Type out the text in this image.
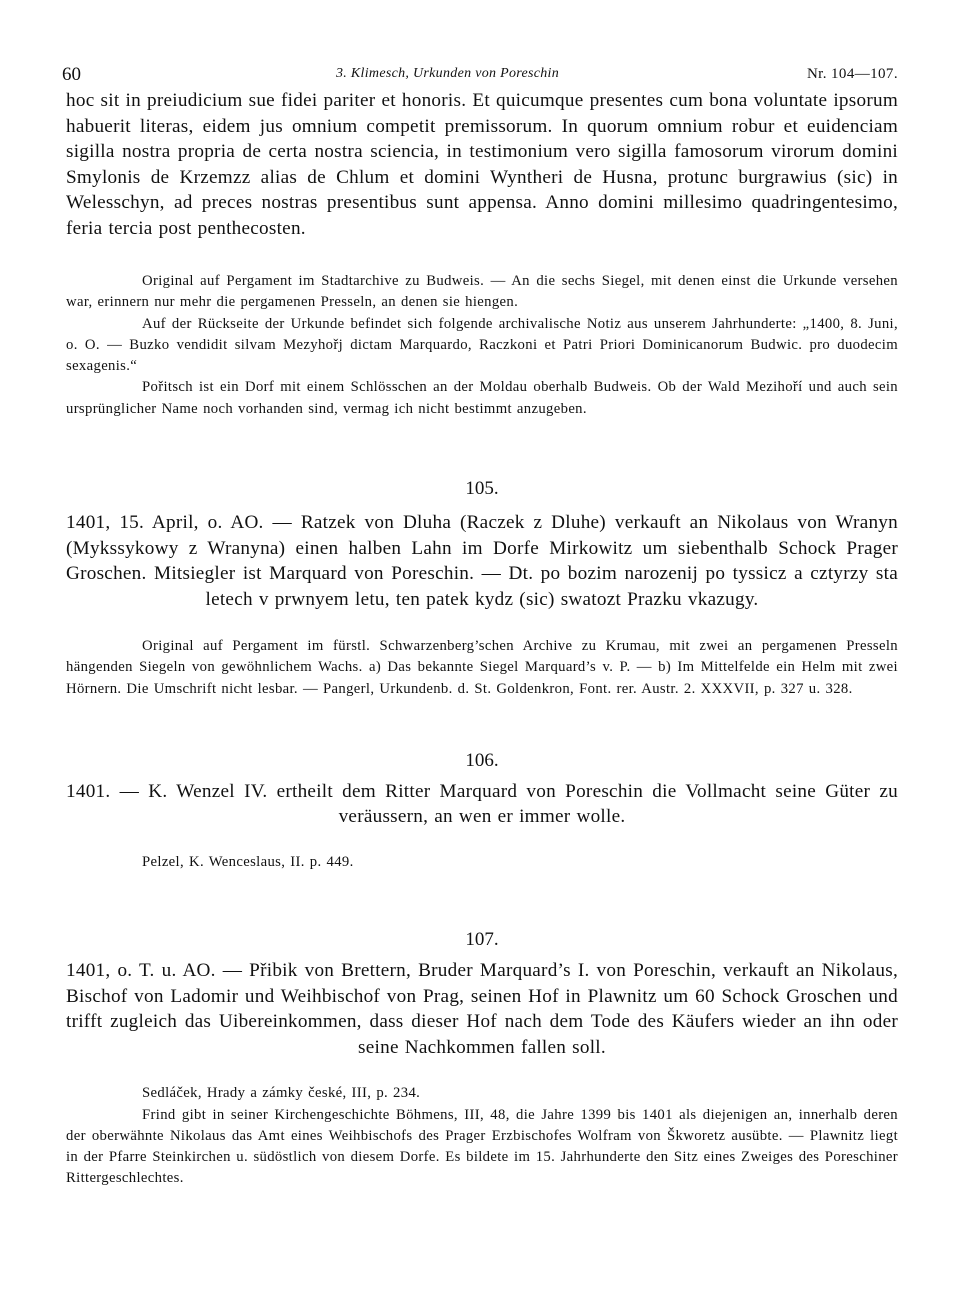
60	3. Klimesch, Urkunden von Poreschin	Nr. 104—107.

hoc sit in preiudicium sue fidei pariter et honoris. Et quicumque presentes cum bona voluntate ipsorum habuerit literas, eidem jus omnium competit premissorum. In quorum omnium robur et euidenciam sigilla nostra propria de certa nostra sciencia, in testimonium vero sigilla famosorum virorum domini Smylonis de Krzemzz alias de Chlum et domini Wyntheri de Husna, protunc burgrawius (sic) in Welesschyn, ad preces nostras presentibus sunt appensa. Anno domini millesimo quadringentesimo, feria tercia post penthecosten.

Original auf Pergament im Stadtarchive zu Budweis. — An die sechs Siegel, mit denen einst die Urkunde versehen war, erinnern nur mehr die pergamenen Presseln, an denen sie hiengen.

Auf der Rückseite der Urkunde befindet sich folgende archivalische Notiz aus unserem Jahrhunderte: „1400, 8. Juni, o. O. — Buzko vendidit silvam Mezyhořj dictam Marquardo, Raczkoni et Patri Priori Dominicanorum Budwic. pro duodecim sexagenis.“

Pořitsch ist ein Dorf mit einem Schlösschen an der Moldau oberhalb Budweis. Ob der Wald Mezihoří und auch sein ursprünglicher Name noch vorhanden sind, vermag ich nicht bestimmt anzugeben.

105.

1401, 15. April, o. AO. — Ratzek von Dluha (Raczek z Dluhe) verkauft an Nikolaus von Wranyn (Mykssykowy z Wranyna) einen halben Lahn im Dorfe Mirkowitz um siebenthalb Schock Prager Groschen. Mitsiegler ist Marquard von Poreschin. — Dt. po bozim narozenij po tyssicz a cztyrzy sta letech v prwnyem letu, ten patek kydz (sic) swatozt Prazku vkazugy.

Original auf Pergament im fürstl. Schwarzenberg’schen Archive zu Krumau, mit zwei an pergamenen Presseln hängenden Siegeln von gewöhnlichem Wachs. a) Das bekannte Siegel Marquard’s v. P. — b) Im Mittelfelde ein Helm mit zwei Hörnern. Die Umschrift nicht lesbar. — Pangerl, Urkundenb. d. St. Goldenkron, Font. rer. Austr. 2. XXXVII, p. 327 u. 328.

106.

1401. — K. Wenzel IV. ertheilt dem Ritter Marquard von Poreschin die Vollmacht seine Güter zu veräussern, an wen er immer wolle.

Pelzel, K. Wenceslaus, II. p. 449.

107.

1401, o. T. u. AO. — Přibik von Brettern, Bruder Marquard’s I. von Poreschin, verkauft an Nikolaus, Bischof von Ladomir und Weihbischof von Prag, seinen Hof in Plawnitz um 60 Schock Groschen und trifft zugleich das Uibereinkommen, dass dieser Hof nach dem Tode des Käufers wieder an ihn oder seine Nachkommen fallen soll.

Sedláček, Hrady a zámky české, III, p. 234.

Frind gibt in seiner Kirchengeschichte Böhmens, III, 48, die Jahre 1399 bis 1401 als diejenigen an, innerhalb deren der oberwähnte Nikolaus das Amt eines Weihbischofs des Prager Erzbischofes Wolfram von Škworetz ausübte. — Plawnitz liegt in der Pfarre Steinkirchen u. südöstlich von diesem Dorfe. Es bildete im 15. Jahrhunderte den Sitz eines Zweiges des Poreschiner Rittergeschlechtes.
